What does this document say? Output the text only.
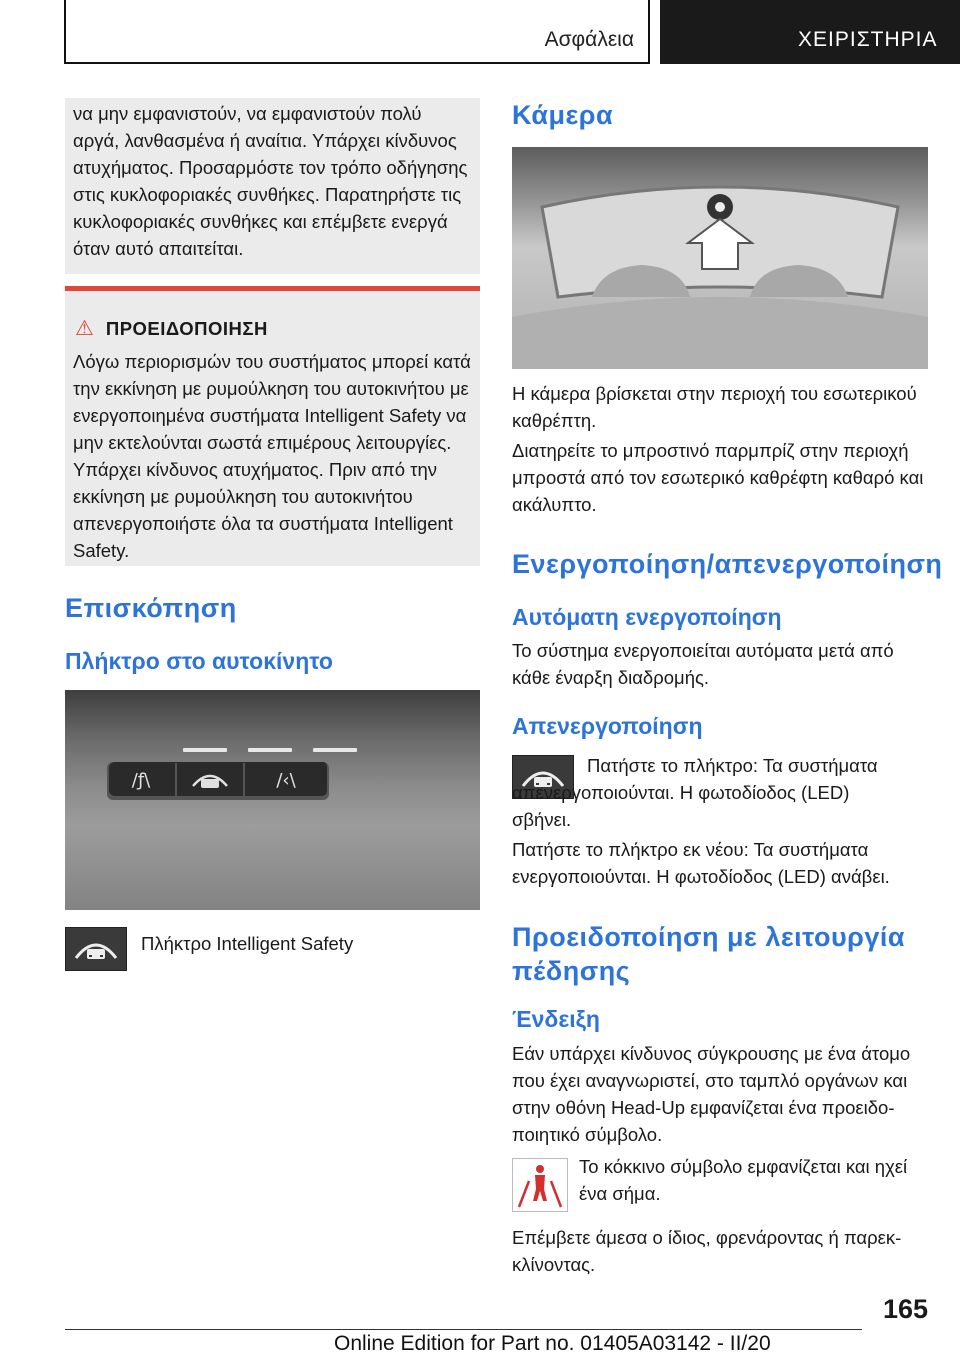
Ασφάλεια	ΧΕΙΡΙΣΤΗΡΙΑ

να μην εμφανιστούν, να εμφανιστούν πολύ αργά, λανθασμένα ή αναίτια. Υπάρχει κίνδυνος ατυχήματος. Προσαρμόστε τον τρόπο οδήγησης στις κυκλοφοριακές συνθήκες. Παρατηρήστε τις κυκλοφοριακές συνθήκες και επέμβετε ενεργά όταν αυτό απαιτείται.

⚠ ΠΡΟΕΙΔΟΠΟΙΗΣΗ

Λόγω περιορισμών του συστήματος μπορεί κατά την εκκίνηση με ρυμούλκηση του αυτοκινήτου με ενεργοποιημένα συστήματα Intelligent Safety να μην εκτελούνται σωστά επιμέρους λειτουργίες. Υπάρχει κίνδυνος ατυχήματος. Πριν από την εκκίνηση με ρυμούλκηση του αυτοκινήτου απενεργοποιήστε όλα τα συστήματα Intelligent Safety.

Επισκόπηση
Πλήκτρο στο αυτοκίνητο
/ƒ\	/‹\
Πλήκτρο Intelligent Safety
Κάμερα
Η κάμερα βρίσκεται στην περιοχή του εσωτερικού καθρέπτη.
Διατηρείτε το μπροστινό παρμπρίζ στην περιοχή μπροστά από τον εσωτερικό καθρέφτη καθαρό και ακάλυπτο.
Ενεργοποίηση/απενεργοποίηση
Αυτόματη ενεργοποίηση
Το σύστημα ενεργοποιείται αυτόματα μετά από κάθε έναρξη διαδρομής.
Απενεργοποίηση
Πατήστε το πλήκτρο: Τα συστήματα απενεργοποιούνται. Η φωτοδίοδος (LED) σβήνει.
Πατήστε το πλήκτρο εκ νέου: Τα συστήματα ενεργοποιούνται. Η φωτοδίοδος (LED) ανάβει.
Προειδοποίηση με λειτουργία πέδησης
Ένδειξη
Εάν υπάρχει κίνδυνος σύγκρουσης με ένα άτομο που έχει αναγνωριστεί, στο ταμπλό οργάνων και στην οθόνη Head-Up εμφανίζεται ένα προειδοποιητικό σύμβολο.
Το κόκκινο σύμβολο εμφανίζεται και ηχεί ένα σήμα.
Επέμβετε άμεσα ο ίδιος, φρενάροντας ή παρεκκλίνοντας.
165
Online Edition for Part no. 01405A03142 - II/20
